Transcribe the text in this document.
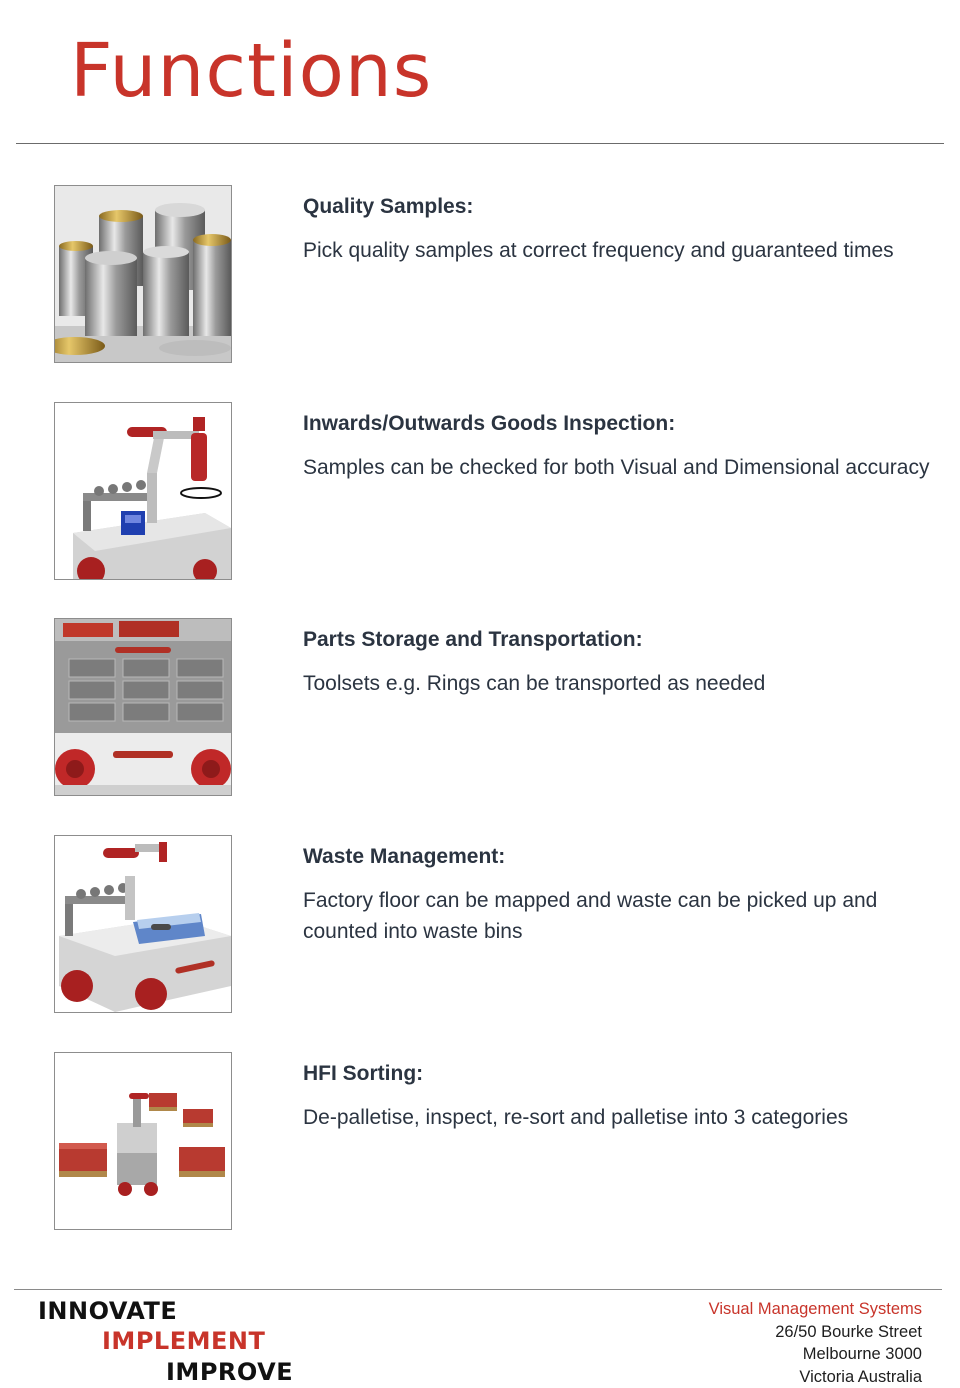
Functions
Quality Samples:
Pick quality samples at correct frequency and guaranteed times
Inwards/Outwards Goods Inspection:
Samples can be checked for both Visual and Dimensional accuracy
Parts Storage and Transportation:
Toolsets e.g. Rings can be transported as needed
Waste Management:
Factory floor can be mapped and waste can be picked up and counted into waste bins
HFI Sorting:
De-palletise, inspect, re-sort and palletise into 3 categories
INNOVATE
IMPLEMENT
IMPROVE
Visual Management Systems
26/50 Bourke Street
Melbourne 3000
Victoria Australia
